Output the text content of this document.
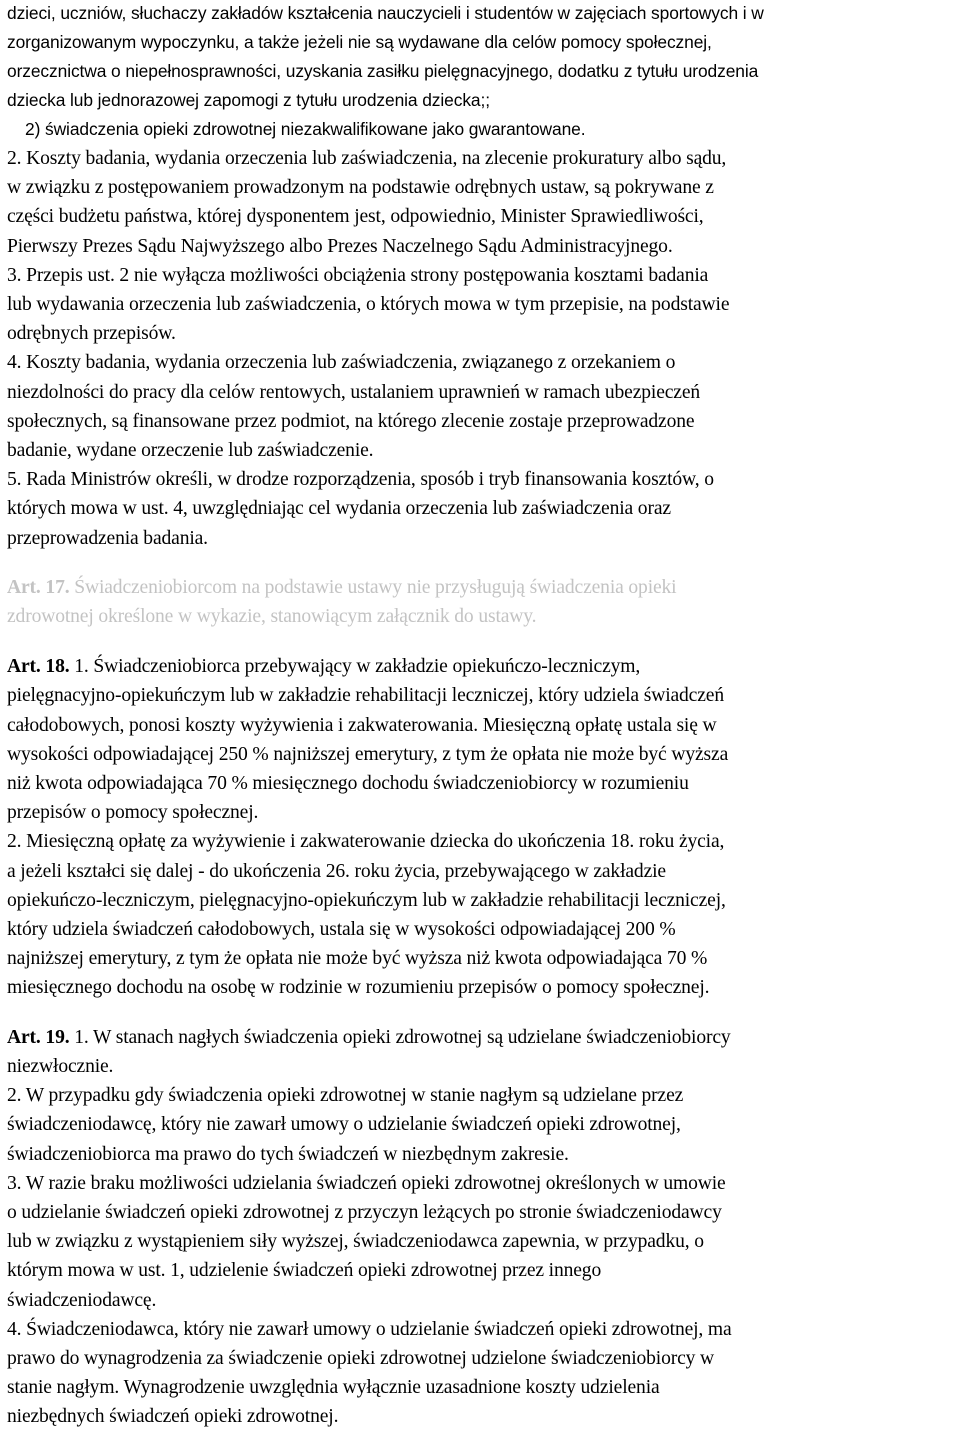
dzieci, uczniów, słuchaczy zakładów kształcenia nauczycieli i studentów w zajęciach sportowych i w
zorganizowanym wypoczynku, a także jeżeli nie są wydawane dla celów pomocy społecznej,
orzecznictwa o niepełnosprawności, uzyskania zasiłku pielęgnacyjnego, dodatku z tytułu urodzenia
dziecka lub jednorazowej zapomogi z tytułu urodzenia dziecka;;
2) świadczenia opieki zdrowotnej niezakwalifikowane jako gwarantowane.
2. Koszty badania, wydania orzeczenia lub zaświadczenia, na zlecenie prokuratury albo sądu,
w związku z postępowaniem prowadzonym na podstawie odrębnych ustaw, są pokrywane z
części budżetu państwa, której dysponentem jest, odpowiednio, Minister Sprawiedliwości,
Pierwszy Prezes Sądu Najwyższego albo Prezes Naczelnego Sądu Administracyjnego.
3. Przepis ust. 2 nie wyłącza możliwości obciążenia strony postępowania kosztami badania
lub wydawania orzeczenia lub zaświadczenia, o których mowa w tym przepisie, na podstawie
odrębnych przepisów.
4. Koszty badania, wydania orzeczenia lub zaświadczenia, związanego z orzekaniem o
niezdolności do pracy dla celów rentowych, ustalaniem uprawnień w ramach ubezpieczeń
społecznych, są finansowane przez podmiot, na którego zlecenie zostaje przeprowadzone
badanie, wydane orzeczenie lub zaświadczenie.
5. Rada Ministrów określi, w drodze rozporządzenia, sposób i tryb finansowania kosztów, o
których mowa w ust. 4, uwzględniając cel wydania orzeczenia lub zaświadczenia oraz
przeprowadzenia badania.
Art. 17. Świadczeniobiorcom na podstawie ustawy nie przysługują świadczenia opieki
zdrowotnej określone w wykazie, stanowiącym załącznik do ustawy.
Art. 18. 1. Świadczeniobiorca przebywający w zakładzie opiekuńczo-leczniczym,
pielęgnacyjno-opiekuńczym lub w zakładzie rehabilitacji leczniczej, który udziela świadczeń
całodobowych, ponosi koszty wyżywienia i zakwaterowania. Miesięczną opłatę ustala się w
wysokości odpowiadającej 250 % najniższej emerytury, z tym że opłata nie może być wyższa
niż kwota odpowiadająca 70 % miesięcznego dochodu świadczeniobiorcy w rozumieniu
przepisów o pomocy społecznej.
2. Miesięczną opłatę za wyżywienie i zakwaterowanie dziecka do ukończenia 18. roku życia,
a jeżeli kształci się dalej - do ukończenia 26. roku życia, przebywającego w zakładzie
opiekuńczo-leczniczym, pielęgnacyjno-opiekuńczym lub w zakładzie rehabilitacji leczniczej,
który udziela świadczeń całodobowych, ustala się w wysokości odpowiadającej 200 %
najniższej emerytury, z tym że opłata nie może być wyższa niż kwota odpowiadająca 70 %
miesięcznego dochodu na osobę w rodzinie w rozumieniu przepisów o pomocy społecznej.
Art. 19. 1. W stanach nagłych świadczenia opieki zdrowotnej są udzielane świadczeniobiorcy
niezwłocznie.
2. W przypadku gdy świadczenia opieki zdrowotnej w stanie nagłym są udzielane przez
świadczeniodawcę, który nie zawarł umowy o udzielanie świadczeń opieki zdrowotnej,
świadczeniobiorca ma prawo do tych świadczeń w niezbędnym zakresie.
3. W razie braku możliwości udzielania świadczeń opieki zdrowotnej określonych w umowie
o udzielanie świadczeń opieki zdrowotnej z przyczyn leżących po stronie świadczeniodawcy
lub w związku z wystąpieniem siły wyższej, świadczeniodawca zapewnia, w przypadku, o
którym mowa w ust. 1, udzielenie świadczeń opieki zdrowotnej przez innego
świadczeniodawcę.
4. Świadczeniodawca, który nie zawarł umowy o udzielanie świadczeń opieki zdrowotnej, ma
prawo do wynagrodzenia za świadczenie opieki zdrowotnej udzielone świadczeniobiorcy w
stanie nagłym. Wynagrodzenie uwzględnia wyłącznie uzasadnione koszty udzielenia
niezbędnych świadczeń opieki zdrowotnej.
